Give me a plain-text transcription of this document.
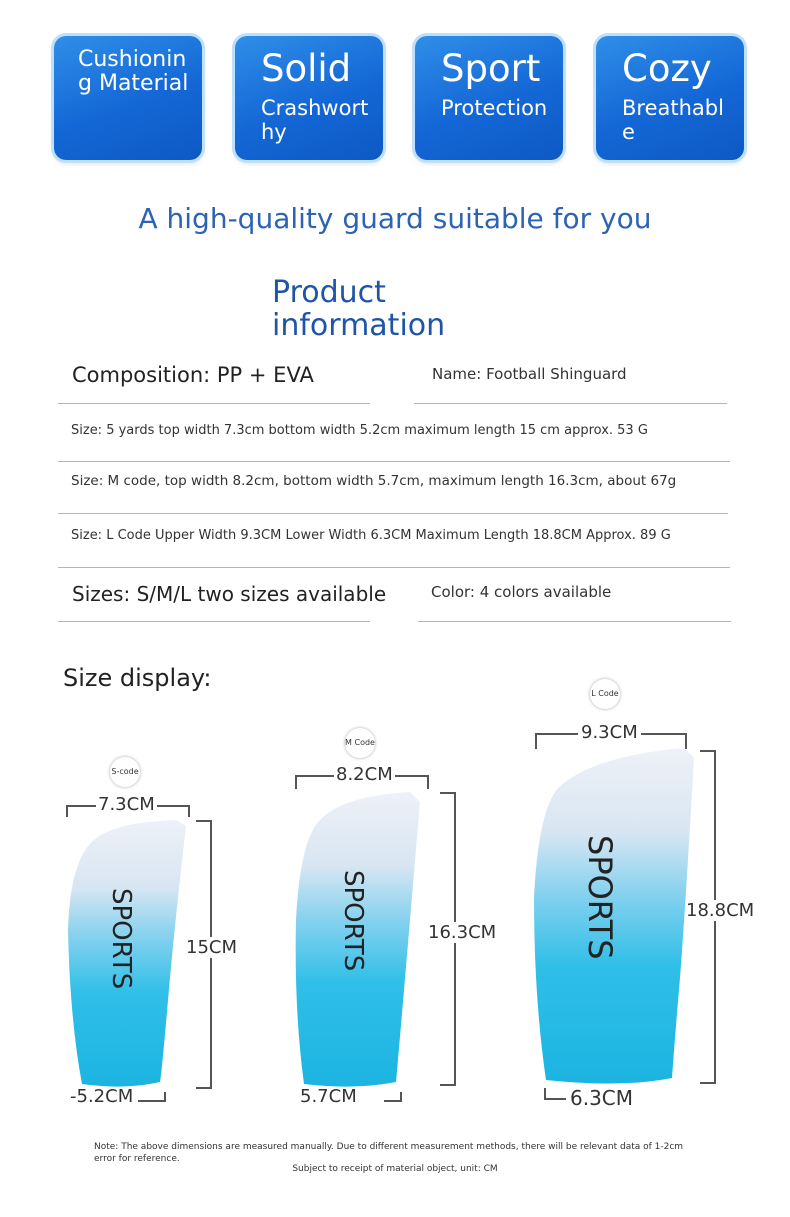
Cushioning Material Solid
Crashworthy
Sport
Protection
Cozy
Breathable
A high-quality guard suitable for you
Product
information
Composition: PP + EVA	Name: Football Shinguard
Size: 5 yards top width 7.3cm bottom width 5.2cm maximum length 15 cm approx. 53 G
Size: M code, top width 8.2cm, bottom width 5.7cm, maximum length 16.3cm, about 67g
Size: L Code Upper Width 9.3CM Lower Width 6.3CM Maximum Length 18.8CM Approx. 89 G
Sizes: S/M/L two sizes available	Color: 4 colors available
Size display:
S-code
7.3CM
15CM
-5.2CM
SPORTS
M Code
8.2CM
16.3CM
5.7CM
SPORTS
L Code
9.3CM
18.8CM
6.3CM
SPORTS
Note: The above dimensions are measured manually. Due to different measurement methods, there will be relevant data of 1-2cm error for reference.
Subject to receipt of material object, unit: CM
